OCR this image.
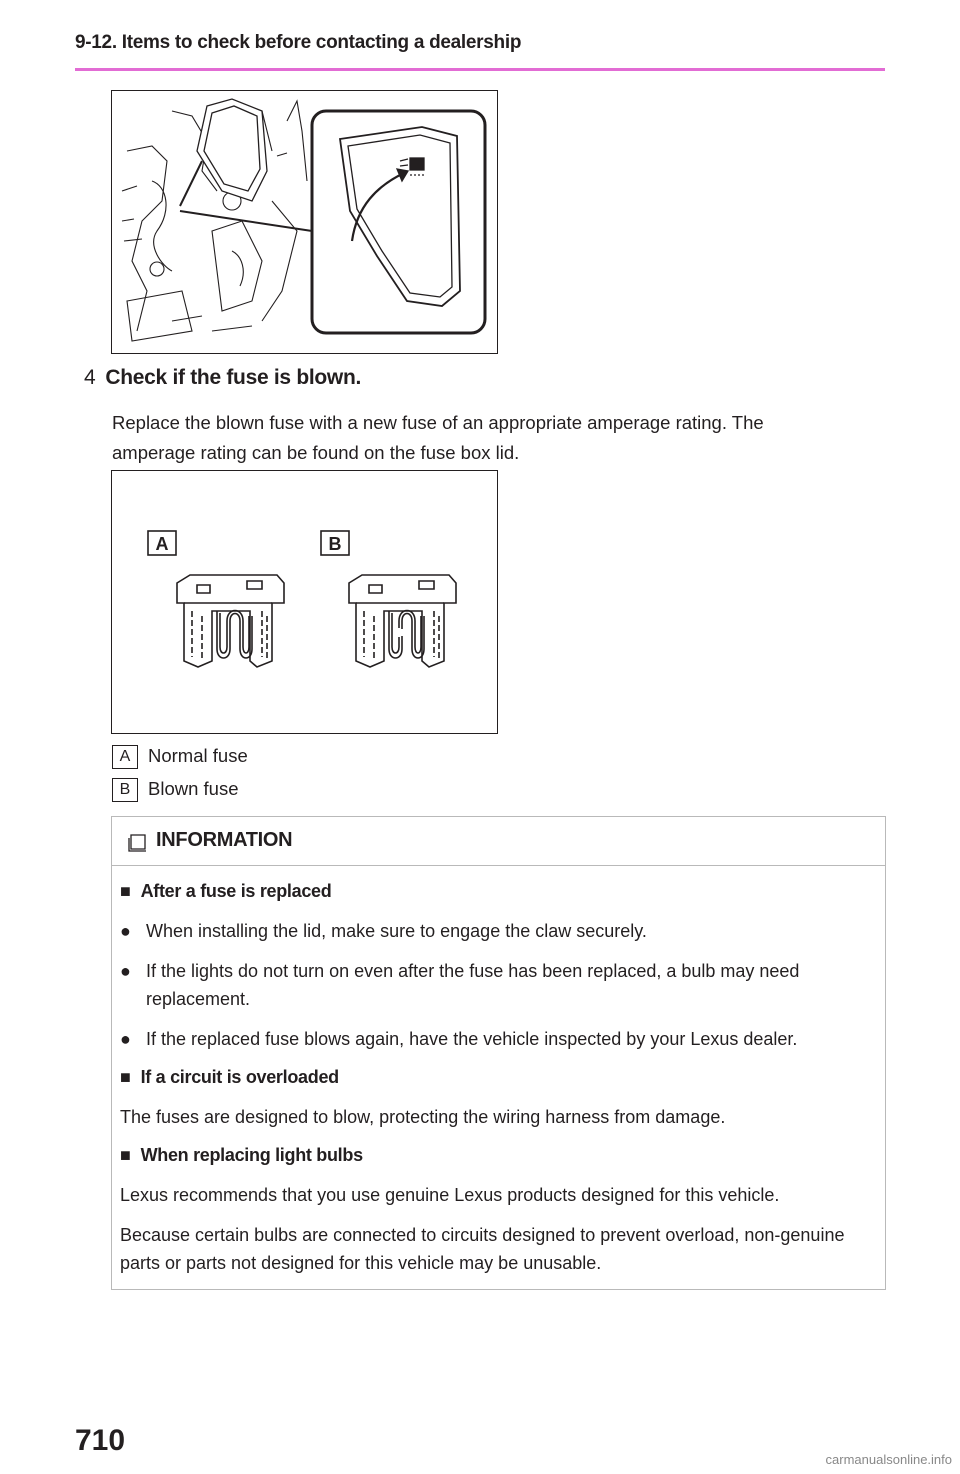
9-12. Items to check before contacting a dealership
4 Check if the fuse is blown.
Replace the blown fuse with a new fuse of an appropriate amperage rating. The amperage rating can be found on the fuse box lid.
A	B
A Normal fuse
B Blown fuse
INFORMATION
■ After a fuse is replaced
● When installing the lid, make sure to engage the claw securely.
● If the lights do not turn on even after the fuse has been replaced, a bulb may need replacement.
● If the replaced fuse blows again, have the vehicle inspected by your Lexus dealer.
■ If a circuit is overloaded
The fuses are designed to blow, protecting the wiring harness from damage.
■ When replacing light bulbs
Lexus recommends that you use genuine Lexus products designed for this vehicle.
Because certain bulbs are connected to circuits designed to prevent overload, non-genuine parts or parts not designed for this vehicle may be unusable.
710
carmanualsonline.info
